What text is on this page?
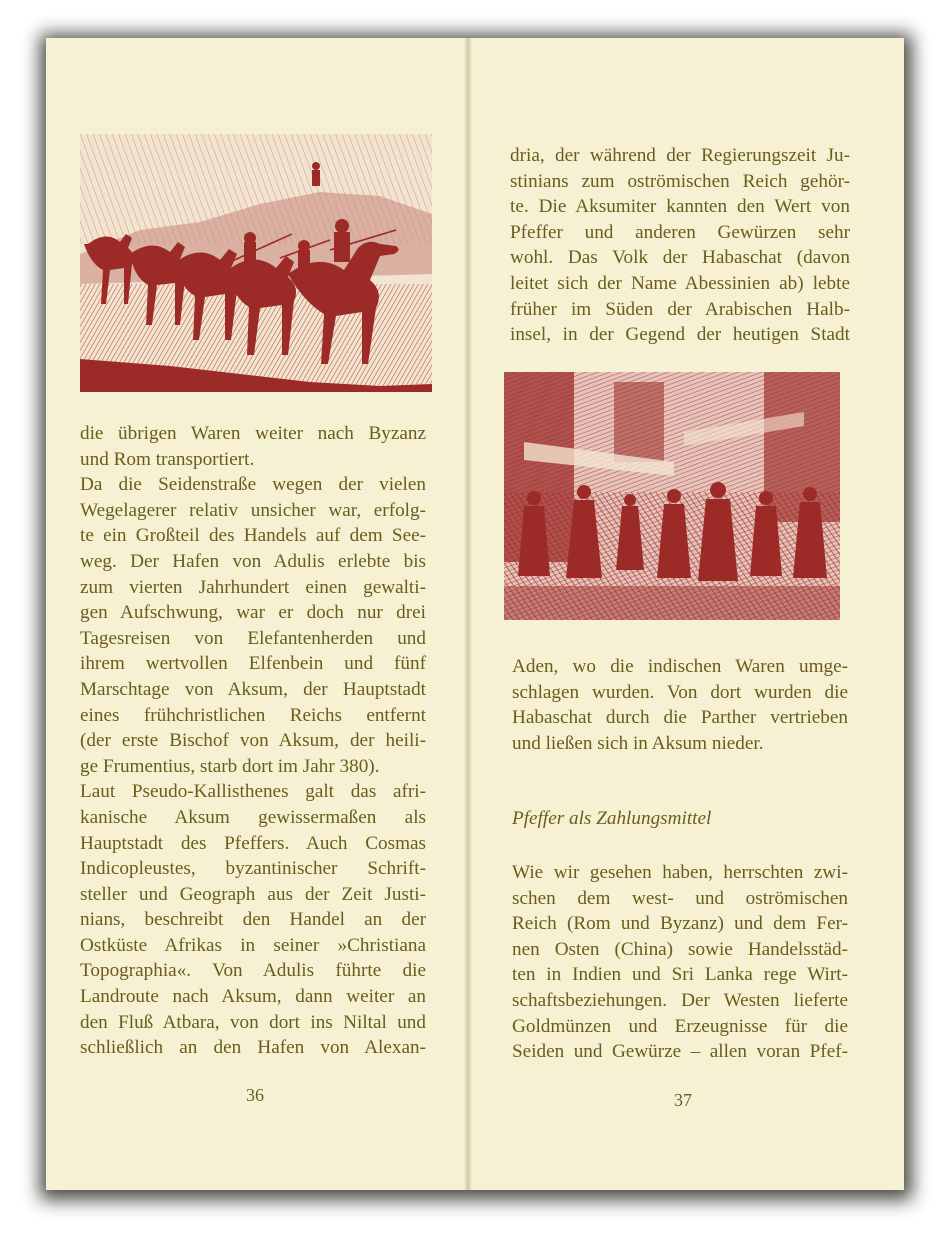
die übrigen Waren weiter nach Byzanz
und Rom transportiert.
Da die Seidenstraße wegen der vielen
Wegelagerer relativ unsicher war, erfolg-
te ein Großteil des Handels auf dem See-
weg. Der Hafen von Adulis erlebte bis
zum vierten Jahrhundert einen gewalti-
gen Aufschwung, war er doch nur drei
Tagesreisen von Elefantenherden und
ihrem wertvollen Elfenbein und fünf
Marschtage von Aksum, der Hauptstadt
eines frühchristlichen Reichs entfernt
(der erste Bischof von Aksum, der heili-
ge Frumentius, starb dort im Jahr 380).
Laut Pseudo-Kallisthenes galt das afri-
kanische Aksum gewissermaßen als
Hauptstadt des Pfeffers. Auch Cosmas
Indicopleustes, byzantinischer Schrift-
steller und Geograph aus der Zeit Justi-
nians, beschreibt den Handel an der
Ostküste Afrikas in seiner »Christiana
Topographia«. Von Adulis führte die
Landroute nach Aksum, dann weiter an
den Fluß Atbara, von dort ins Niltal und
schließlich an den Hafen von Alexan-

36

dria, der während der Regierungszeit Ju-
stinians zum oströmischen Reich gehör-
te. Die Aksumiter kannten den Wert von
Pfeffer und anderen Gewürzen sehr
wohl. Das Volk der Habaschat (davon
leitet sich der Name Abessinien ab) lebte
früher im Süden der Arabischen Halb-
insel, in der Gegend der heutigen Stadt
Aden, wo die indischen Waren umge-
schlagen wurden. Von dort wurden die
Habaschat durch die Parther vertrieben
und ließen sich in Aksum nieder.
Pfeffer als Zahlungsmittel
Wie wir gesehen haben, herrschten zwi-
schen dem west- und oströmischen
Reich (Rom und Byzanz) und dem Fer-
nen Osten (China) sowie Handelsstäd-
ten in Indien und Sri Lanka rege Wirt-
schaftsbeziehungen. Der Westen lieferte
Goldmünzen und Erzeugnisse für die
Seiden und Gewürze – allen voran Pfef-

37
